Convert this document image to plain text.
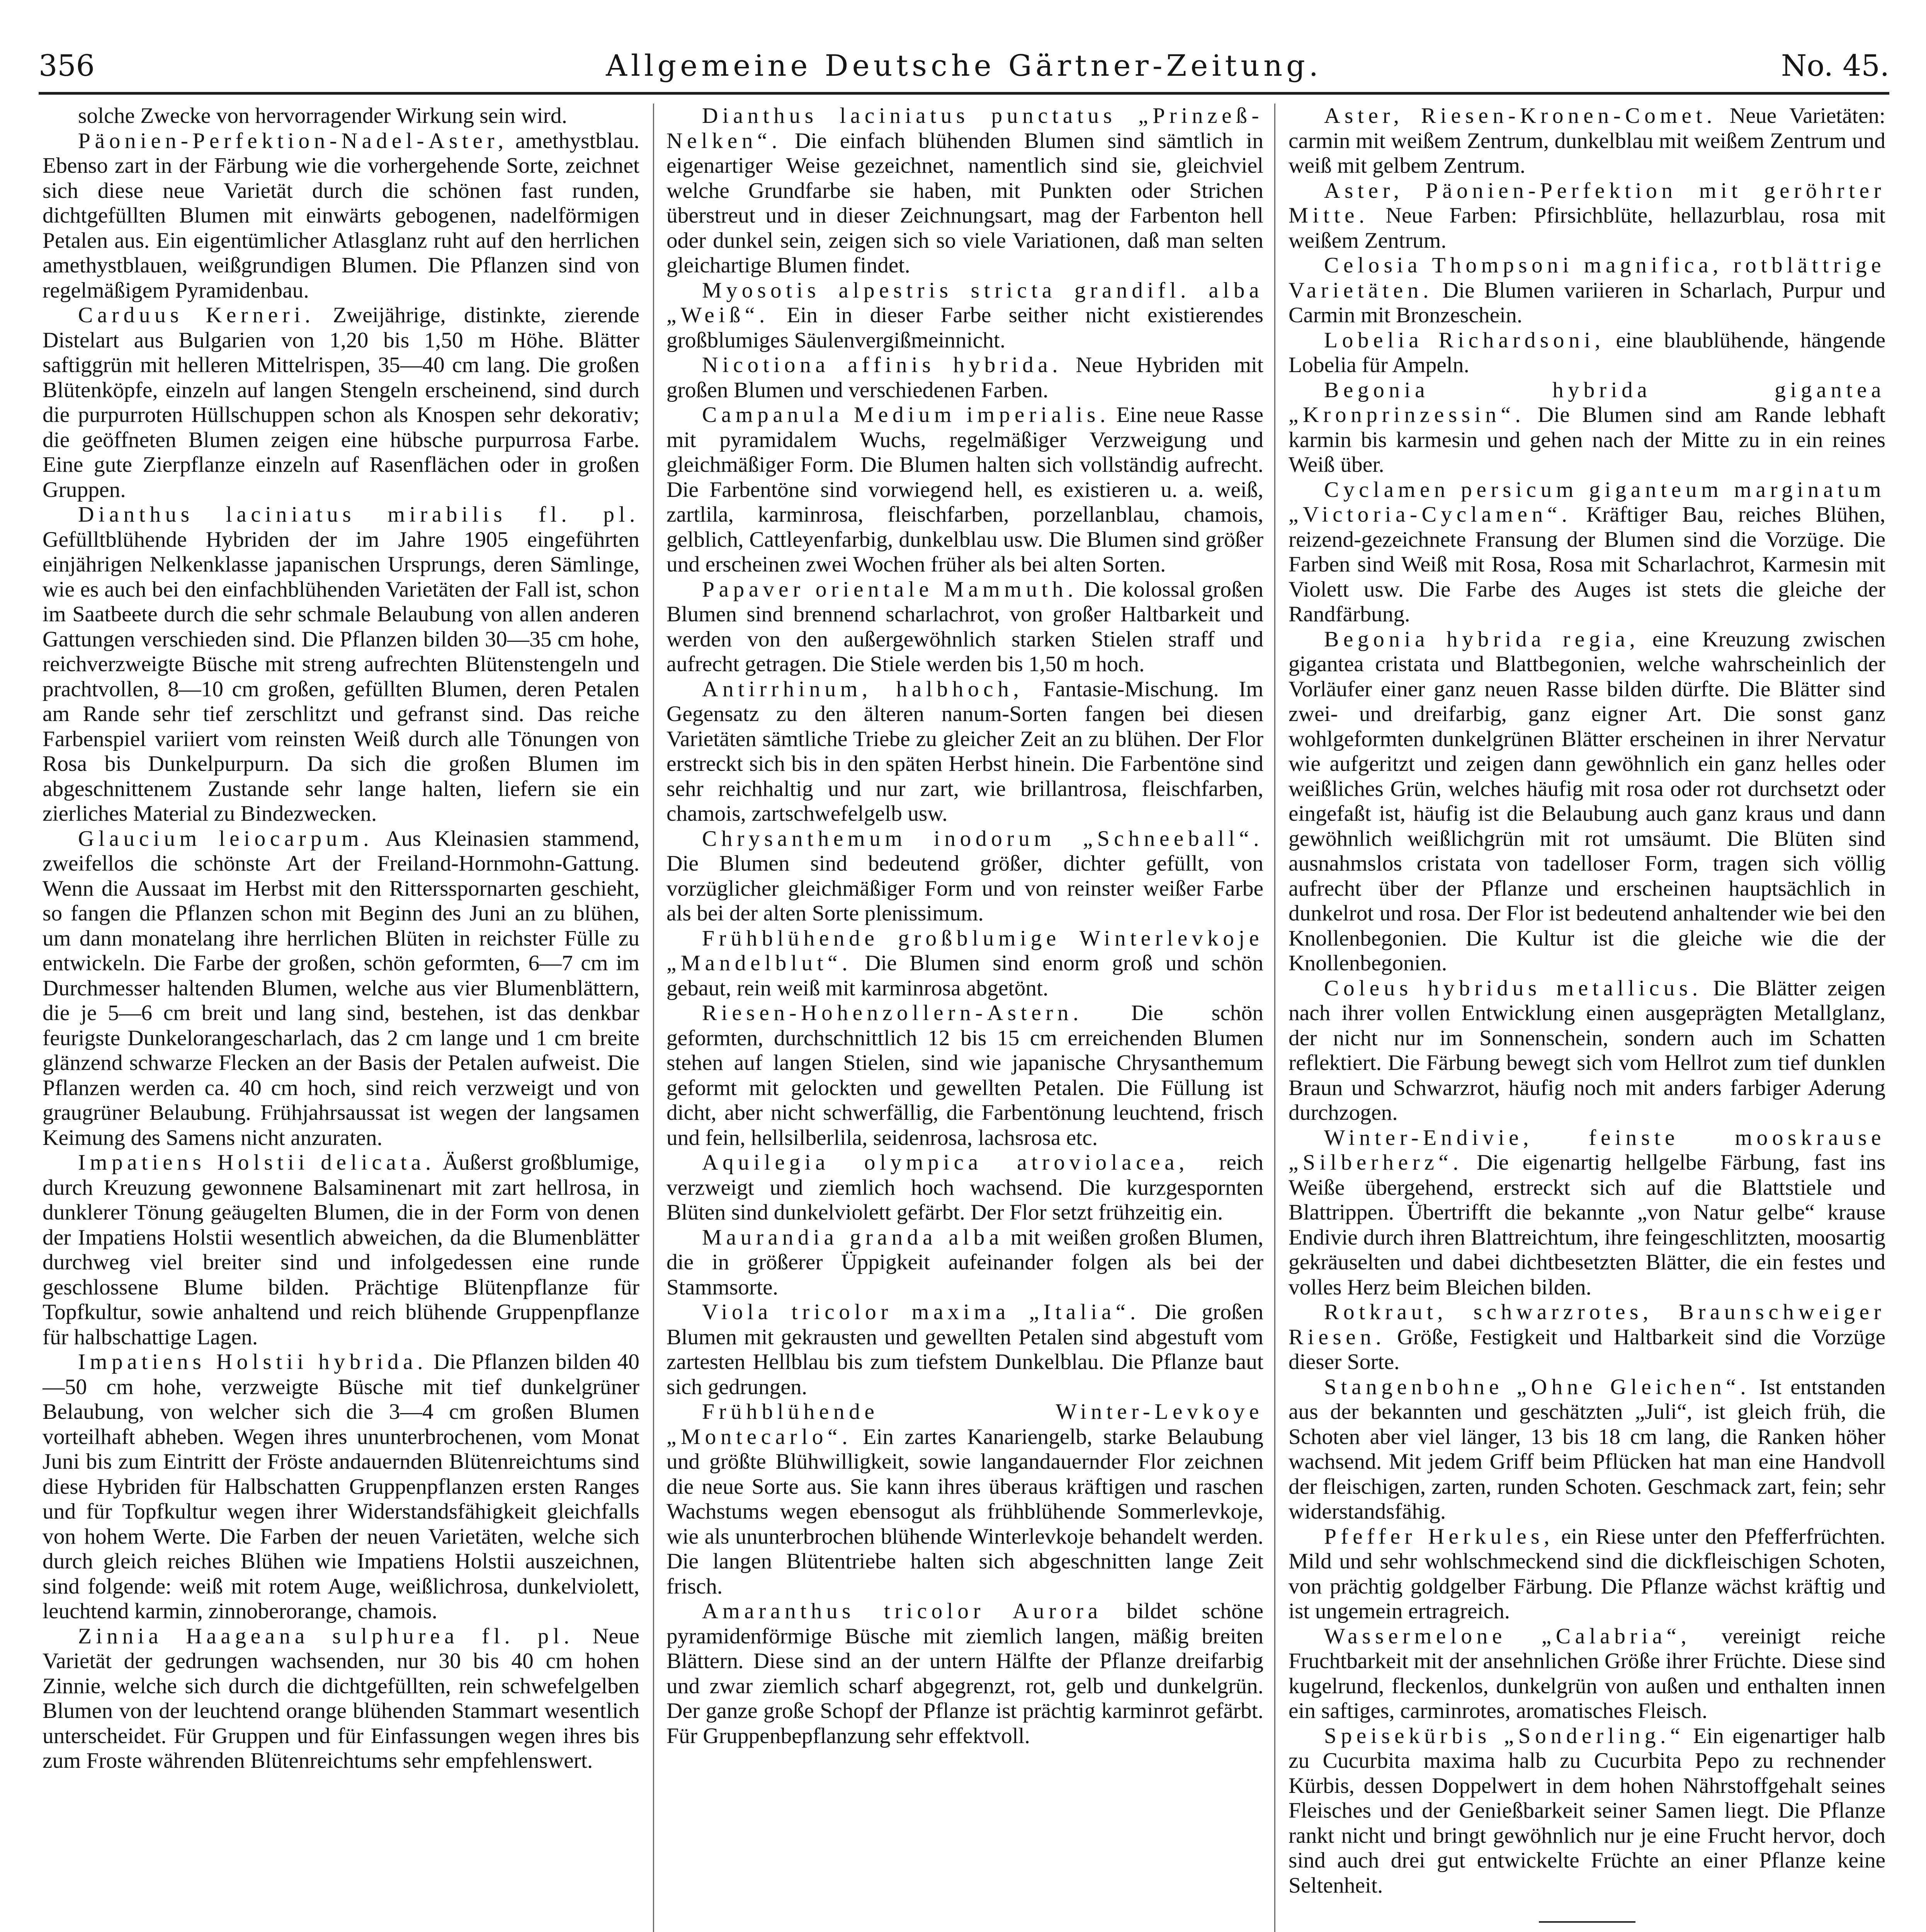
356	Allgemeine Deutsche Gärtner-Zeitung.	No. 45.

solche Zwecke von hervorragender Wirkung sein wird.

Päonien-Perfektion-Nadel-Aster, amethystblau. Ebenso zart in der Färbung wie die vorhergehende Sorte, zeichnet sich diese neue Varietät durch die schönen fast runden, dichtgefüllten Blumen mit einwärts gebogenen, nadelförmigen Petalen aus. Ein eigentümlicher Atlasglanz ruht auf den herrlichen amethystblauen, weißgrundigen Blumen. Die Pflanzen sind von regelmäßigem Pyramidenbau.

Carduus Kerneri. Zweijährige, distinkte, zierende Distelart aus Bulgarien von 1,20 bis 1,50 m Höhe. Blätter saftiggrün mit helleren Mittelrispen, 35—40 cm lang. Die großen Blütenköpfe, einzeln auf langen Stengeln erscheinend, sind durch die purpurroten Hüllschuppen schon als Knospen sehr dekorativ; die geöffneten Blumen zeigen eine hübsche purpurrosa Farbe. Eine gute Zierpflanze einzeln auf Rasenflächen oder in großen Gruppen.

Dianthus laciniatus mirabilis fl. pl. Gefülltblühende Hybriden der im Jahre 1905 eingeführten einjährigen Nelkenklasse japanischen Ursprungs, deren Sämlinge, wie es auch bei den einfachblühenden Varietäten der Fall ist, schon im Saatbeete durch die sehr schmale Belaubung von allen anderen Gattungen verschieden sind. Die Pflanzen bilden 30—35 cm hohe, reichverzweigte Büsche mit streng aufrechten Blütenstengeln und prachtvollen, 8—10 cm großen, gefüllten Blumen, deren Petalen am Rande sehr tief zerschlitzt und gefranst sind. Das reiche Farbenspiel variiert vom reinsten Weiß durch alle Tönungen von Rosa bis Dunkelpurpurn. Da sich die großen Blumen im abgeschnittenem Zustande sehr lange halten, liefern sie ein zierliches Material zu Bindezwecken.

Glaucium leiocarpum. Aus Kleinasien stammend, zweifellos die schönste Art der Freiland-Hornmohn-Gattung. Wenn die Aussaat im Herbst mit den Rittersspornarten geschieht, so fangen die Pflanzen schon mit Beginn des Juni an zu blühen, um dann monatelang ihre herrlichen Blüten in reichster Fülle zu entwickeln. Die Farbe der großen, schön geformten, 6—7 cm im Durchmesser haltenden Blumen, welche aus vier Blumenblättern, die je 5—6 cm breit und lang sind, bestehen, ist das denkbar feurigste Dunkelorangescharlach, das 2 cm lange und 1 cm breite glänzend schwarze Flecken an der Basis der Petalen aufweist. Die Pflanzen werden ca. 40 cm hoch, sind reich verzweigt und von graugrüner Belaubung. Frühjahrsaussat ist wegen der langsamen Keimung des Samens nicht anzuraten.

Impatiens Holstii delicata. Äußerst großblumige, durch Kreuzung gewonnene Balsaminenart mit zart hellrosa, in dunklerer Tönung geäugelten Blumen, die in der Form von denen der Impatiens Holstii wesentlich abweichen, da die Blumenblätter durchweg viel breiter sind und infolgedessen eine runde geschlossene Blume bilden. Prächtige Blütenpflanze für Topfkultur, sowie anhaltend und reich blühende Gruppenpflanze für halbschattige Lagen.

Impatiens Holstii hybrida. Die Pflanzen bilden 40—50 cm hohe, verzweigte Büsche mit tief dunkelgrüner Belaubung, von welcher sich die 3—4 cm großen Blumen vorteilhaft abheben. Wegen ihres ununterbrochenen, vom Monat Juni bis zum Eintritt der Fröste andauernden Blütenreichtums sind diese Hybriden für Halbschatten Gruppenpflanzen ersten Ranges und für Topfkultur wegen ihrer Widerstandsfähigkeit gleichfalls von hohem Werte. Die Farben der neuen Varietäten, welche sich durch gleich reiches Blühen wie Impatiens Holstii auszeichnen, sind folgende: weiß mit rotem Auge, weißlichrosa, dunkelviolett, leuchtend karmin, zinnoberorange, chamois.

Zinnia Haageana sulphurea fl. pl. Neue Varietät der gedrungen wachsenden, nur 30 bis 40 cm hohen Zinnie, welche sich durch die dichtgefüllten, rein schwefelgelben Blumen von der leuchtend orange blühenden Stammart wesentlich unterscheidet. Für Gruppen und für Einfassungen wegen ihres bis zum Froste währenden Blütenreichtums sehr empfehlenswert.

Dianthus laciniatus punctatus „Prinzeß-Nelken“. Die einfach blühenden Blumen sind sämtlich in eigenartiger Weise gezeichnet, namentlich sind sie, gleichviel welche Grundfarbe sie haben, mit Punkten oder Strichen überstreut und in dieser Zeichnungsart, mag der Farbenton hell oder dunkel sein, zeigen sich so viele Variationen, daß man selten gleichartige Blumen findet.

Myosotis alpestris stricta grandifl. alba „Weiß“. Ein in dieser Farbe seither nicht existierendes großblumiges Säulenvergißmeinnicht.

Nicotiona affinis hybrida. Neue Hybriden mit großen Blumen und verschiedenen Farben.

Campanula Medium imperialis. Eine neue Rasse mit pyramidalem Wuchs, regelmäßiger Verzweigung und gleichmäßiger Form. Die Blumen halten sich vollständig aufrecht. Die Farbentöne sind vorwiegend hell, es existieren u. a. weiß, zartlila, karminrosa, fleischfarben, porzellanblau, chamois, gelblich, Cattleyenfarbig, dunkelblau usw. Die Blumen sind größer und erscheinen zwei Wochen früher als bei alten Sorten.

Papaver orientale Mammuth. Die kolossal großen Blumen sind brennend scharlachrot, von großer Haltbarkeit und werden von den außergewöhnlich starken Stielen straff und aufrecht getragen. Die Stiele werden bis 1,50 m hoch.

Antirrhinum, halbhoch, Fantasie-Mischung. Im Gegensatz zu den älteren nanum-Sorten fangen bei diesen Varietäten sämtliche Triebe zu gleicher Zeit an zu blühen. Der Flor erstreckt sich bis in den späten Herbst hinein. Die Farbentöne sind sehr reichhaltig und nur zart, wie brillantrosa, fleischfarben, chamois, zartschwefelgelb usw.

Chrysanthemum inodorum „Schneeball“. Die Blumen sind bedeutend größer, dichter gefüllt, von vorzüglicher gleichmäßiger Form und von reinster weißer Farbe als bei der alten Sorte plenissimum.

Frühblühende großblumige Winterlevkoje „Mandelblut“. Die Blumen sind enorm groß und schön gebaut, rein weiß mit karminrosa abgetönt.

Riesen-Hohenzollern-Astern. Die schön geformten, durchschnittlich 12 bis 15 cm erreichenden Blumen stehen auf langen Stielen, sind wie japanische Chrysanthemum geformt mit gelockten und gewellten Petalen. Die Füllung ist dicht, aber nicht schwerfällig, die Farbentönung leuchtend, frisch und fein, hellsilberlila, seidenrosa, lachsrosa etc.

Aquilegia olympica atroviolacea, reich verzweigt und ziemlich hoch wachsend. Die kurzgespornten Blüten sind dunkelviolett gefärbt. Der Flor setzt frühzeitig ein.

Maurandia granda alba mit weißen großen Blumen, die in größerer Üppigkeit aufeinander folgen als bei der Stammsorte.

Viola tricolor maxima „Italia“. Die großen Blumen mit gekrausten und gewellten Petalen sind abgestuft vom zartesten Hellblau bis zum tiefstem Dunkelblau. Die Pflanze baut sich gedrungen.

Frühblühende Winter-Levkoye „Montecarlo“. Ein zartes Kanariengelb, starke Belaubung und größte Blühwilligkeit, sowie langandauernder Flor zeichnen die neue Sorte aus. Sie kann ihres überaus kräftigen und raschen Wachstums wegen ebensogut als frühblühende Sommerlevkoje, wie als ununterbrochen blühende Winterlevkoje behandelt werden. Die langen Blütentriebe halten sich abgeschnitten lange Zeit frisch.

Amaranthus tricolor Aurora bildet schöne pyramidenförmige Büsche mit ziemlich langen, mäßig breiten Blättern. Diese sind an der untern Hälfte der Pflanze dreifarbig und zwar ziemlich scharf abgegrenzt, rot, gelb und dunkelgrün. Der ganze große Schopf der Pflanze ist prächtig karminrot gefärbt. Für Gruppenbepflanzung sehr effektvoll.

Aster, Riesen-Kronen-Comet. Neue Varietäten: carmin mit weißem Zentrum, dunkelblau mit weißem Zentrum und weiß mit gelbem Zentrum.

Aster, Päonien-Perfektion mit geröhrter Mitte. Neue Farben: Pfirsichblüte, hellazurblau, rosa mit weißem Zentrum.

Celosia Thompsoni magnifica, rotblättrige Varietäten. Die Blumen variieren in Scharlach, Purpur und Carmin mit Bronzeschein.

Lobelia Richardsoni, eine blaublühende, hängende Lobelia für Ampeln.

Begonia hybrida gigantea „Kronprinzessin“. Die Blumen sind am Rande lebhaft karmin bis karmesin und gehen nach der Mitte zu in ein reines Weiß über.

Cyclamen persicum giganteum marginatum „Victoria-Cyclamen“. Kräftiger Bau, reiches Blühen, reizend-gezeichnete Fransung der Blumen sind die Vorzüge. Die Farben sind Weiß mit Rosa, Rosa mit Scharlachrot, Karmesin mit Violett usw. Die Farbe des Auges ist stets die gleiche der Randfärbung.

Begonia hybrida regia, eine Kreuzung zwischen gigantea cristata und Blattbegonien, welche wahrscheinlich der Vorläufer einer ganz neuen Rasse bilden dürfte. Die Blätter sind zwei- und dreifarbig, ganz eigner Art. Die sonst ganz wohlgeformten dunkelgrünen Blätter erscheinen in ihrer Nervatur wie aufgeritzt und zeigen dann gewöhnlich ein ganz helles oder weißliches Grün, welches häufig mit rosa oder rot durchsetzt oder eingefaßt ist, häufig ist die Belaubung auch ganz kraus und dann gewöhnlich weißlichgrün mit rot umsäumt. Die Blüten sind ausnahmslos cristata von tadelloser Form, tragen sich völlig aufrecht über der Pflanze und erscheinen hauptsächlich in dunkelrot und rosa. Der Flor ist bedeutend anhaltender wie bei den Knollenbegonien. Die Kultur ist die gleiche wie die der Knollenbegonien.

Coleus hybridus metallicus. Die Blätter zeigen nach ihrer vollen Entwicklung einen ausgeprägten Metallglanz, der nicht nur im Sonnenschein, sondern auch im Schatten reflektiert. Die Färbung bewegt sich vom Hellrot zum tief dunklen Braun und Schwarzrot, häufig noch mit anders farbiger Aderung durchzogen.

Winter-Endivie, feinste mooskrause „Silberherz“. Die eigenartig hellgelbe Färbung, fast ins Weiße übergehend, erstreckt sich auf die Blattstiele und Blattrippen. Übertrifft die bekannte „von Natur gelbe“ krause Endivie durch ihren Blattreichtum, ihre feingeschlitzten, moosartig gekräuselten und dabei dichtbesetzten Blätter, die ein festes und volles Herz beim Bleichen bilden.

Rotkraut, schwarzrotes, Braunschweiger Riesen. Größe, Festigkeit und Haltbarkeit sind die Vorzüge dieser Sorte.

Stangenbohne „Ohne Gleichen“. Ist entstanden aus der bekannten und geschätzten „Juli“, ist gleich früh, die Schoten aber viel länger, 13 bis 18 cm lang, die Ranken höher wachsend. Mit jedem Griff beim Pflücken hat man eine Handvoll der fleischigen, zarten, runden Schoten. Geschmack zart, fein; sehr widerstandsfähig.

Pfeffer Herkules, ein Riese unter den Pfefferfrüchten. Mild und sehr wohlschmeckend sind die dickfleischigen Schoten, von prächtig goldgelber Färbung. Die Pflanze wächst kräftig und ist ungemein ertragreich.

Wassermelone „Calabria“, vereinigt reiche Fruchtbarkeit mit der ansehnlichen Größe ihrer Früchte. Diese sind kugelrund, fleckenlos, dunkelgrün von außen und enthalten innen ein saftiges, carminrotes, aromatisches Fleisch.

Speisekürbis „Sonderling.“ Ein eigenartiger halb zu Cucurbita maxima halb zu Cucurbita Pepo zu rechnender Kürbis, dessen Doppelwert in dem hohen Nährstoffgehalt seines Fleisches und der Genießbarkeit seiner Samen liegt. Die Pflanze rankt nicht und bringt gewöhnlich nur je eine Frucht hervor, doch sind auch drei gut entwickelte Früchte an einer Pflanze keine Seltenheit.
